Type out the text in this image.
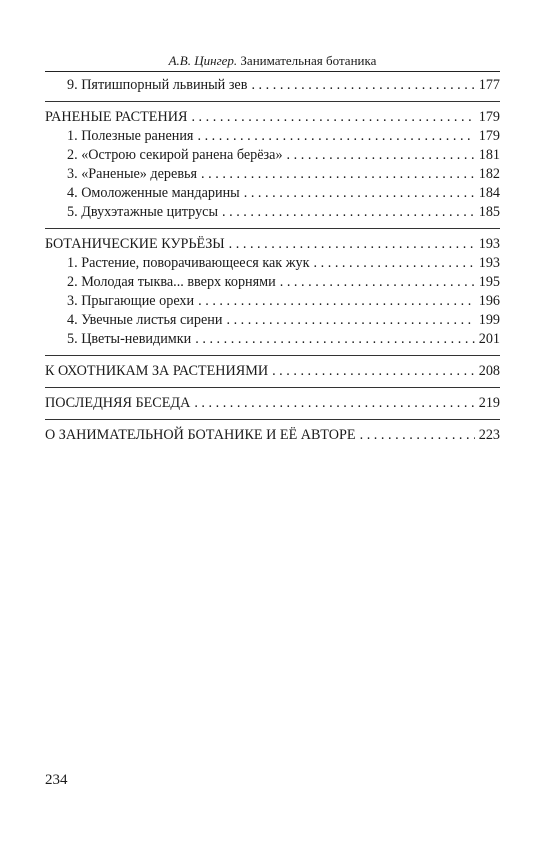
А.В. Цингер. Занимательная ботаника
9. Пятишпорный львиный зев . . .	177
РАНЕНЫЕ РАСТЕНИЯ . . .	179
1. Полезные ранения . . .	179
2. «Острою секирой ранена берёза» . . .	181
3. «Раненые» деревья . . .	182
4. Омоложенные мандарины . . .	184
5. Двухэтажные цитрусы . . .	185
БОТАНИЧЕСКИЕ КУРЬЁЗЫ . . .	193
1. Растение, поворачивающееся как жук . . .	193
2. Молодая тыква... вверх корнями . . .	195
3. Прыгающие орехи . . .	196
4. Увечные листья сирени . . .	199
5. Цветы-невидимки . . .	201
К ОХОТНИКАМ ЗА РАСТЕНИЯМИ . . .	208
ПОСЛЕДНЯЯ БЕСЕДА . . .	219
О ЗАНИМАТЕЛЬНОЙ БОТАНИКЕ И ЕЁ АВТОРЕ . . .	223
234
